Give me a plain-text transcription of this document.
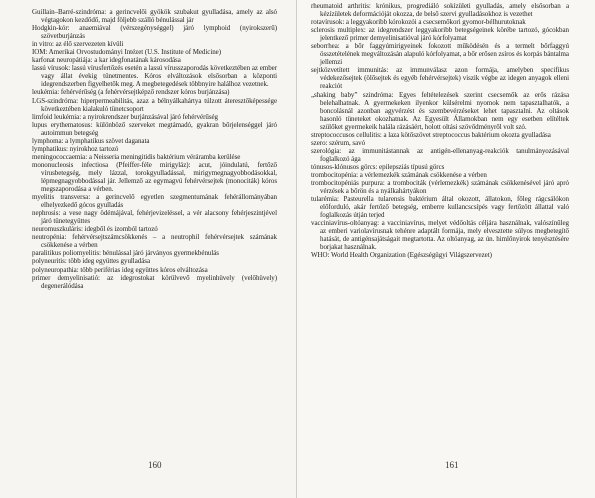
Guillain–Barré-szindróma: a gerincvelői gyökök szubakut gyulladása, amely az alsó végtagokon kezdődő, majd följebb szálló bénulással jár
Hodgkin-kór: anaemiával (vérszegénységgel) járó lymphoid (nyirokszerű) szövetburjánzás
in vitro: az élő szervezeten kívüli
IOM: Amerikai Orvostudományi Intézet (U.S. Institute of Medicine)
karfonat neuropátiája: a kar idegfonatának károsodása
lassú vírusok: lassú vírusfertőzés esetén a lassú vírusszaporodás következtében az ember vagy állat évekig tünetmentes. Kóros elváltozások elsősorban a központi idegrendszerben figyelhetők meg. A megbetegedések többnyire halálhoz vezetnek.
leukémia: fehérvérűség (a fehérvérsejtképző rendszer kóros burjánzása)
LGS-szindróma: hiperpermeabilitás, azaz a bélnyálkahártya túlzott áteresztőképessége következtében kialakuló tünetcsoport
limfoid leukémia: a nyirokrendszer burjánzásával járó fehérvérűség
lupus erythematosus: különböző szerveket megtámadó, gyakran bőrjelenséggel járó autoimmun betegség
lymphoma: a lymphatikus szövet daganata
lymphatikus: nyirokhoz tartozó
meningococcaemia: a Neisseria meningitidis baktérium véráramba kerülése
mononucleosis infectiosa (Pfeiffer-féle mirigyláz): acut, jóindulatú, fertőző vírusbetegség, mely lázzal, torokgyulladással, mirigymegnagyobbodásokkal, lépmegnagyobbodással jár. Jellemző az egymagvú fehérvérsejtek (monociták) kóros megszaporodása a vérben.
myelitis transversa: a gerincvelő egyetlen szegmentumának fehérállományában elhelyezkedő gócos gyulladás
nephrosis: a vese nagy ödémájával, fehérjevizeléssel, a vér alacsony fehérjeszintjével járó tünetegyüttes
neuromuszkuláris: idegből és izomból tartozó
neutropénia: fehérvérsejtszámcsökkenés – a neutrophil fehérvérsejtek számának csökkenése a vérben
paralitikus poliomyelitis: bénulással járó járványos gyermekbénulás
polyneuritis: több ideg együttes gyulladása
polyneuropathia: több periférias ideg együttes kóros elváltozása
primer demyelinisatió: az idegrostokat körülvevő myelinhüvely (velőhüvely) degenerálódása
160
rheumatoid arthritis: krónikus, progrediáló sokízületi gyulladás, amely elsősorban a kézízületek deformációját okozza, de belső szervi gyulladásokhoz is vezethet
rotavírusok: a leggyakoribb kórokozói a csecsemőkori gyomor-bélhurutoknak
sclerosis multiplex: az idegrendszer leggyakoribb betegségeinek körébe tartozó, gócokban jelentkező primer demyelinisatióval járó kórfolyamat
seborrhea: a bőr faggyúmirigyeinek fokozott működésén és a termelt bőrfaggyú összetételének megváltozásán alapuló kórfolyamat, a bőr erősen zsíros és korpás bántalma jellemzi
sejtközvetített immunitás: az immunválasz azon formája, amelyben specifikus védekezősejtek (ölősejtek és egyéb fehérvérsejtek) viszik végbe az idegen anyagok elleni reakciót
„shaking baby” szindróma: Egyes feltételezések szerint csecsemők az erős rázása belehalhatnak. A gyermekeken ilyenkor külsérelmi nyomok nem tapasztalhatók, a boncolásnál azonban agyvérzést és szembevérzéseket lehet tapasztalni. Az oltások hasonló tüneteket okozhatnak. Az Egyesült Államokban nem egy esetben elítéltek szülőket gyermekeik halála rázásáért, holott oltási szövődményről volt szó.
streptococcusos cellulitis: a laza kötőszövet streptococcus baktérium okozta gyulladása
szero: szérum, savó
szerológia: az immunitástannak az antigén-ellenanyag-reakciók tanulmányozásával foglalkozó ága
tónusos-klónusos görcs: epilepsziás típusú görcs
trombocitopénia: a vérlemezkék számának csökkenése a vérben
trombocitopéniás purpura: a trombociták (vérlemezkék) számának csökkenésével járó apró vérzések a bőrön és a nyálkahártyákon
tularémia: Pasteurella tularensis baktérium által okozott, állatokon, főleg rágcsálókon előforduló, akár fertőző betegség, emberre kullancscsípés vagy fertőzött állattal való foglalkozás útján terjed
vacciniavírus-oltóanyag: a vacciniavírus, melyet védőoltás céljára használnak, valószínűleg az emberi variolavírusnak tehénre adaptált formája, mely elvesztette súlyos megbetegítő hatását, de antigénsajátságait megtartotta. Az oltóanyag, az ún. himlőnyirok tenyésztésére borjakat használnak.
WHO: World Health Organization (Egészségügyi Világszervezet)
161
